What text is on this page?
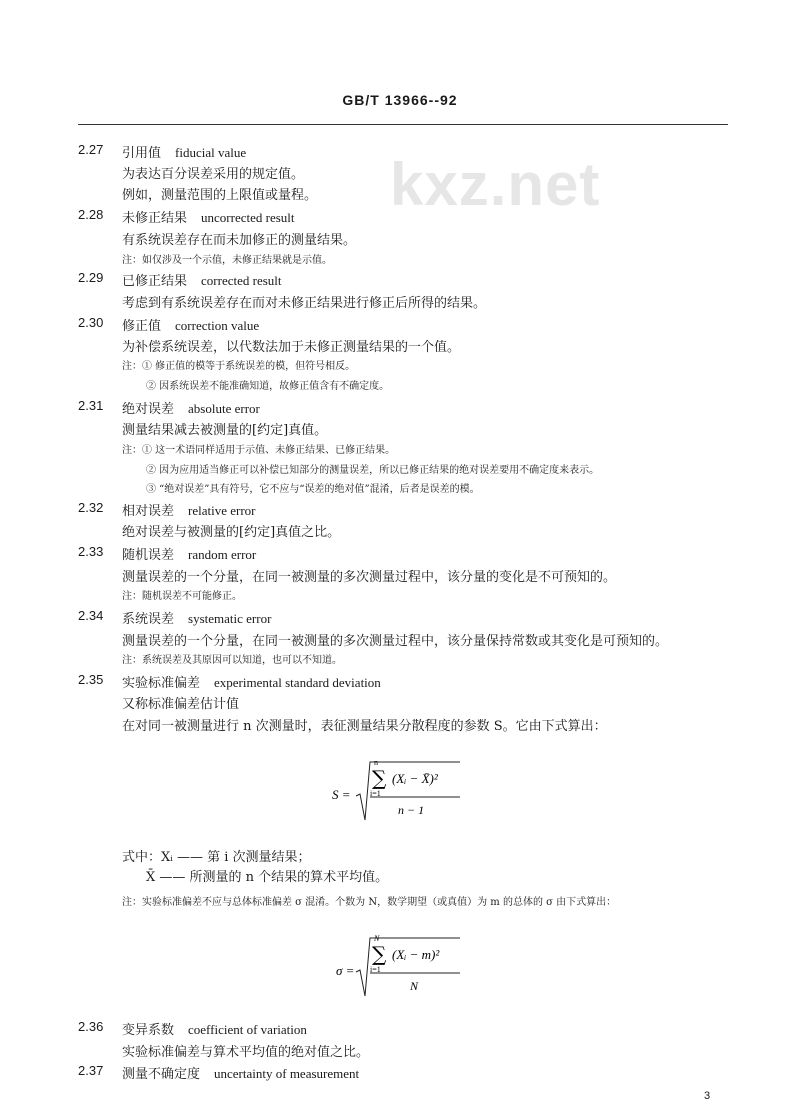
GB/T 13966--92
kxz.net
2.27 引用值 fiducial value
为表达百分误差采用的规定值。
例如，测量范围的上限值或量程。
2.28 未修正结果 uncorrected result
有系统误差存在而未加修正的测量结果。
注：如仅涉及一个示值，未修正结果就是示值。
2.29 已修正结果 corrected result
考虑到有系统误差存在而对未修正结果进行修正后所得的结果。
2.30 修正值 correction value
为补偿系统误差，以代数法加于未修正测量结果的一个值。
注：① 修正值的模等于系统误差的模，但符号相反。
② 因系统误差不能准确知道，故修正值含有不确定度。
2.31 绝对误差 absolute error
测量结果减去被测量的[约定]真值。
注：① 这一术语同样适用于示值、未修正结果、已修正结果。
② 因为应用适当修正可以补偿已知部分的测量误差，所以已修正结果的绝对误差要用不确定度来表示。
③ “绝对误差”具有符号，它不应与“误差的绝对值”混淆，后者是误差的模。
2.32 相对误差 relative error
绝对误差与被测量的[约定]真值之比。
2.33 随机误差 random error
测量误差的一个分量，在同一被测量的多次测量过程中，该分量的变化是不可预知的。
注：随机误差不可能修正。
2.34 系统误差 systematic error
测量误差的一个分量，在同一被测量的多次测量过程中，该分量保持常数或其变化是可预知的。
注：系统误差及其原因可以知道，也可以不知道。
2.35 实验标准偏差 experimental standard deviation
又称标准偏差估计值
在对同一被测量进行 n 次测量时，表征测量结果分散程度的参数 S。它由下式算出：
S =
n
∑
i=1
(Xᵢ − X̄)²
n − 1
式中：Xᵢ —— 第 i 次测量结果；
X̄ —— 所测量的 n 个结果的算术平均值。
注：实验标准偏差不应与总体标准偏差 σ 混淆。个数为 N，数学期望（或真值）为 m 的总体的 σ 由下式算出：
σ =
N
∑
i=1
(Xᵢ − m)²
N
2.36 变异系数 coefficient of variation
实验标准偏差与算术平均值的绝对值之比。
2.37 测量不确定度 uncertainty of measurement
3
